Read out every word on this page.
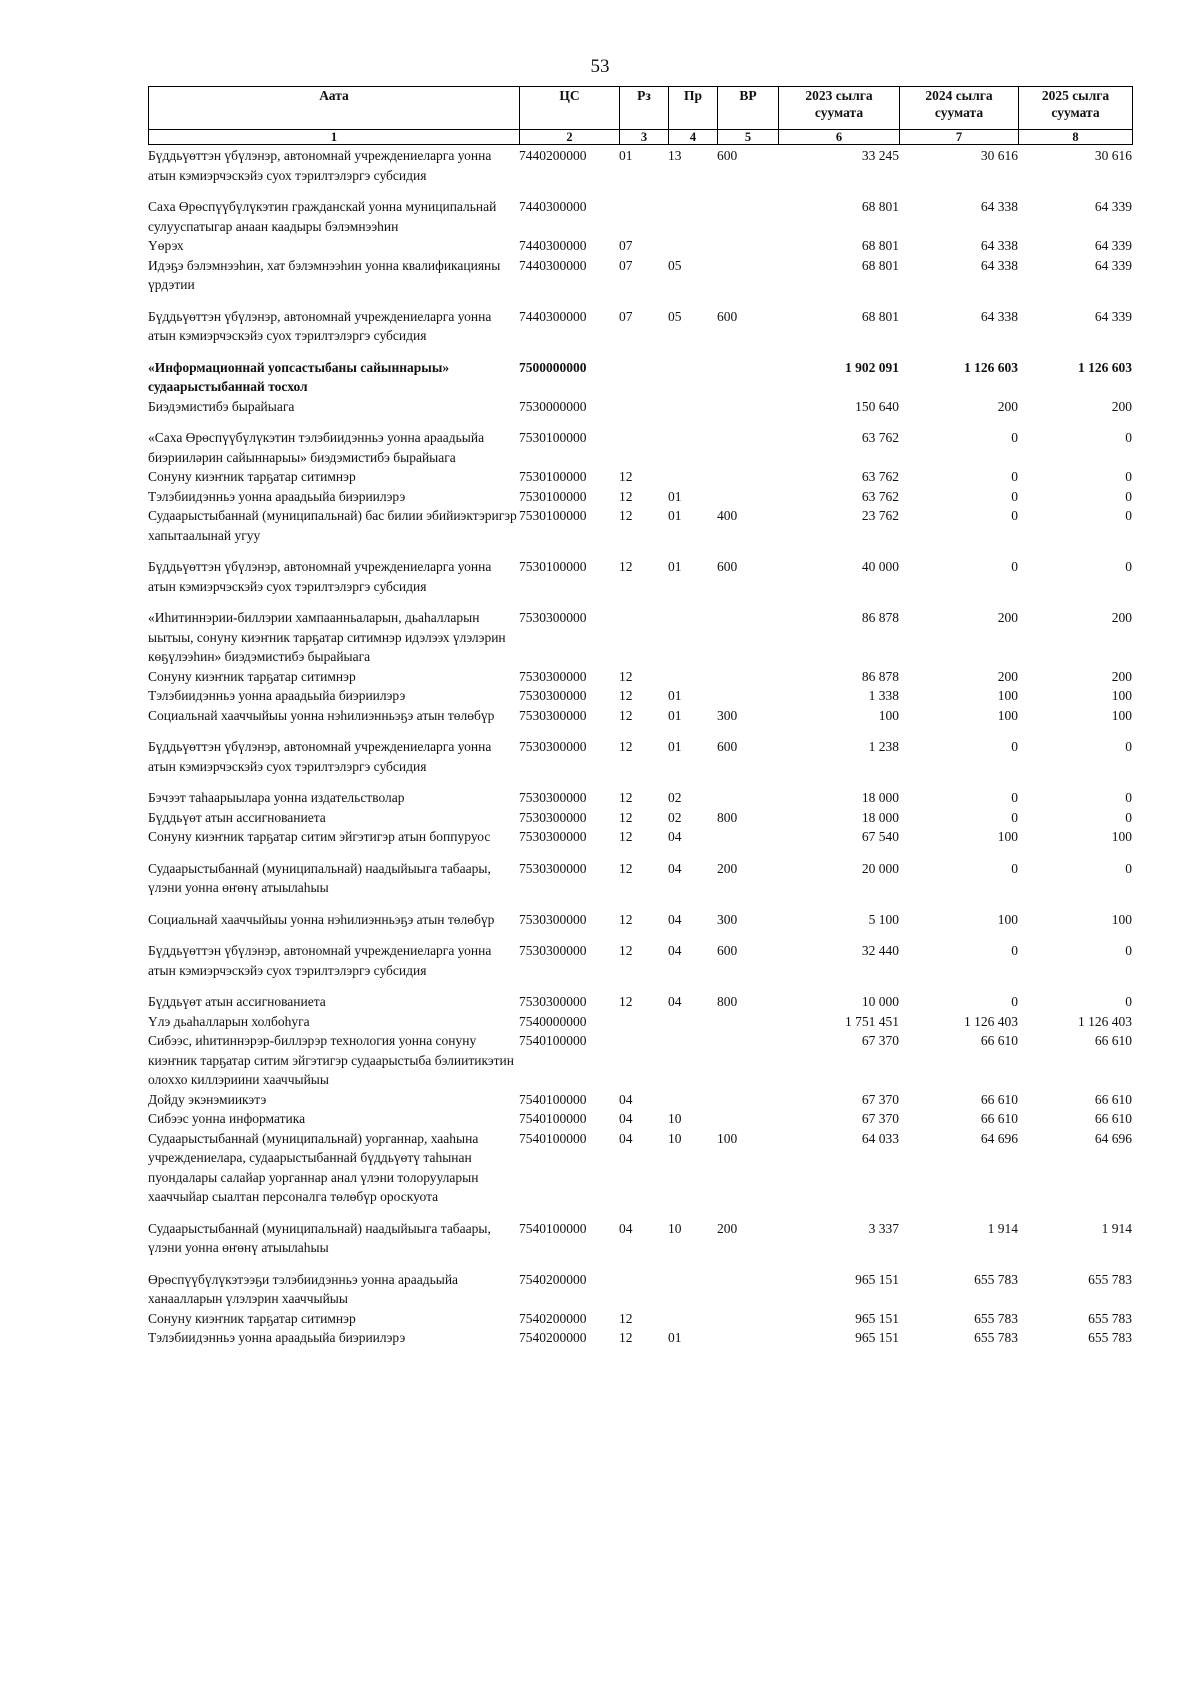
53
Аата	ЦС	Рз	Пр	ВР	2023 сылга суумата	2024 сылга суумата	2025 сылга суумата
1	2	3	4	5	6	7	8
Бүддьүөттэн үбүлэнэр, автономнай учреждениеларга уонна атын кэмиэрчэскэйэ суох тэрилтэлэргэ субсидия	7440200000	01	13	600	33 245	30 616	30 616
Саха Өрөспүүбүлүкэтин гражданскай уонна муниципальнай сулууспатыгар анаан каадыры бэлэмнээһин	7440300000				68 801	64 338	64 339
Үөрэх	7440300000	07			68 801	64 338	64 339
Идэҕэ бэлэмнээһин, хат бэлэмнээһин уонна квалификацияны үрдэтии	7440300000	07	05		68 801	64 338	64 339
Бүддьүөттэн үбүлэнэр, автономнай учреждениеларга уонна атын кэмиэрчэскэйэ суох тэрилтэлэргэ субсидия	7440300000	07	05	600	68 801	64 338	64 339
«Информационнай уопсастыбаны сайыннарыы» судаарыстыбаннай тосхол	7500000000				1 902 091	1 126 603	1 126 603
Биэдэмистибэ бырайыага	7530000000				150 640	200	200
«Саха Өрөспүүбүлүкэтин тэлэбиидэнньэ уонна араадьыйа биэрииләрин сайыннарыы» биэдэмистибэ бырайыага	7530100000				63 762	0	0
Сонуну киэҥник тарҕатар ситимнэр	7530100000	12			63 762	0	0
Тэлэбиидэнньэ уонна араадьыйа биэриилэрэ	7530100000	12	01		63 762	0	0
Судаарыстыбаннай (муниципальнай) бас билии эбийиэктэригэр хапытаалынай угуу	7530100000	12	01	400	23 762	0	0
Бүддьүөттэн үбүлэнэр, автономнай учреждениеларга уонна атын кэмиэрчэскэйэ суох тэрилтэлэргэ субсидия	7530100000	12	01	600	40 000	0	0
«Иһитиннэрии-биллэрии хампаанньаларын, дьаһалларын ыытыы, сонуну киэҥник тарҕатар ситимнэр идэлээх үлэлэрин көҕүлээһин» биэдэмистибэ бырайыага	7530300000				86 878	200	200
Сонуну киэҥник тарҕатар ситимнэр	7530300000	12			86 878	200	200
Тэлэбиидэнньэ уонна араадьыйа биэриилэрэ	7530300000	12	01		1 338	100	100
Социальнай хааччыйыы уонна нэһилиэнньэҕэ атын төлөбүр	7530300000	12	01	300	100	100	100
Бүддьүөттэн үбүлэнэр, автономнай учреждениеларга уонна атын кэмиэрчэскэйэ суох тэрилтэлэргэ субсидия	7530300000	12	01	600	1 238	0	0
Бэчээт таһаарыылара уонна издательстволар	7530300000	12	02		18 000	0	0
Бүддьүөт атын ассигнованиета	7530300000	12	02	800	18 000	0	0
Сонуну киэҥник тарҕатар ситим эйгэтигэр атын боппуруос	7530300000	12	04		67 540	100	100
Судаарыстыбаннай (муниципальнай) наадыйыыга табаары, үлэни уонна өҥөнү атыылаһыы	7530300000	12	04	200	20 000	0	0
Социальнай хааччыйыы уонна нэһилиэнньэҕэ атын төлөбүр	7530300000	12	04	300	5 100	100	100
Бүддьүөттэн үбүлэнэр, автономнай учреждениеларга уонна атын кэмиэрчэскэйэ суох тэрилтэлэргэ субсидия	7530300000	12	04	600	32 440	0	0
Бүддьүөт атын ассигнованиета	7530300000	12	04	800	10 000	0	0
Үлэ дьаһалларын холбоһуга	7540000000				1 751 451	1 126 403	1 126 403
Сибээс, иһитиннэрэр-биллэрэр технология уонна сонуну киэҥник тарҕатар ситим эйгэтигэр судаарыстыба бэлиитикэтин олоххо киллэриини хааччыйыы	7540100000				67 370	66 610	66 610
Дойду экэнэмиикэтэ	7540100000	04			67 370	66 610	66 610
Сибээс уонна информатика	7540100000	04	10		67 370	66 610	66 610
Судаарыстыбаннай (муниципальнай) уорганнар, хааһына учреждениелара, судаарыстыбаннай бүддьүөтү таһынан пуондалары салайар уорганнар анал үлэни толорууларын хааччыйар сыалтан персоналга төлөбүр ороскуота	7540100000	04	10	100	64 033	64 696	64 696
Судаарыстыбаннай (муниципальнай) наадыйыыга табаары, үлэни уонна өҥөнү атыылаһыы	7540100000	04	10	200	3 337	1 914	1 914
Өрөспүүбүлүкэтээҕи тэлэбиидэнньэ уонна араадьыйа ханаалларын үлэлэрин хааччыйыы	7540200000				965 151	655 783	655 783
Сонуну киэҥник тарҕатар ситимнэр	7540200000	12			965 151	655 783	655 783
Тэлэбиидэнньэ уонна араадьыйа биэриилэрэ	7540200000	12	01		965 151	655 783	655 783
